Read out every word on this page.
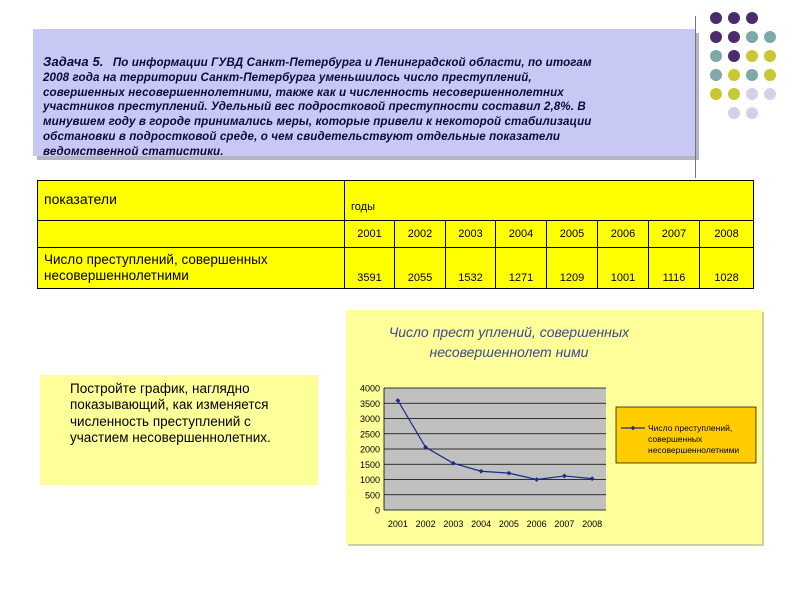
Задача 5. По информации ГУВД Санкт-Петербурга и Ленинградской области, по итогам
2008 года на территории Санкт-Петербурга уменьшилось число преступлений,
совершенных несовершеннолетними, также как и численность несовершеннолетних
участников преступлений. Удельный вес подростковой преступности составил 2,8%. В
минувшем году в городе принимались меры, которые привели к некоторой стабилизации
обстановки в подростковой среде, о чем свидетельствуют отдельные показатели
ведомственной статистики.
показатели	годы							
	2001	2002	2003	2004	2005	2006	2007	2008
Число преступлений, совершенных несовершеннолетними	3591	2055	1532	1271	1209	1001	1116	1028
Постройте график, наглядно показывающий, как изменяется численность преступлений с участием несовершеннолетних.
Число прест уплений, совершенных
несовершеннолет ними
0
500
1000
1500
2000
2500
3000
3500
4000
2001 2002 2003 2004 2005 2006 2007 2008
Число преступлений,
совершенных
несовершеннолетними
